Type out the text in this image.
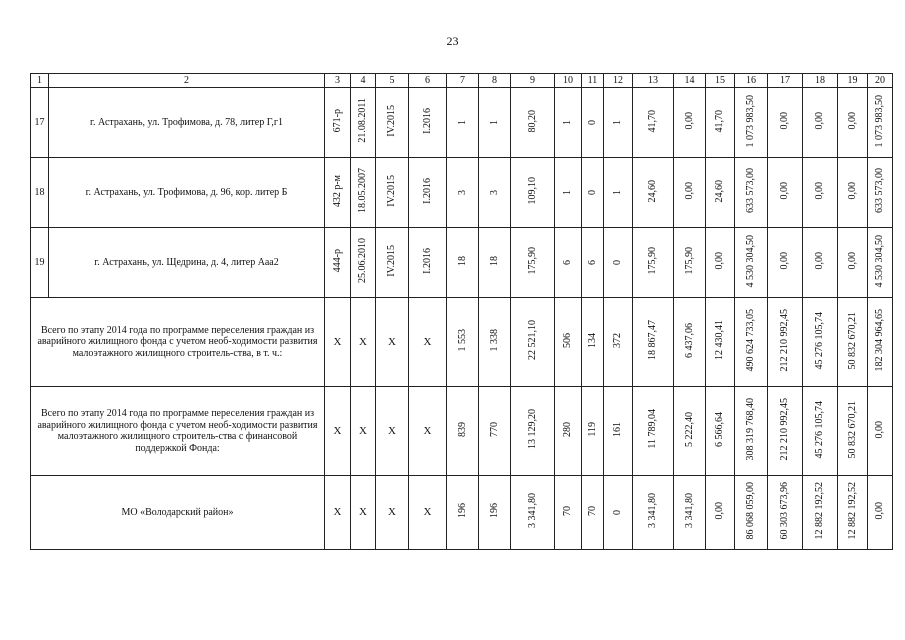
23
1	2	3	4	5	6	7	8	9	10	11	12	13	14	15	16	17	18	19	20
17	г. Астрахань, ул. Трофимова, д. 78, литер Г,г1	671-р	21.08.2011	IV.2015	I.2016	1	1	80,20	1	0	1	41,70	0,00	41,70	1 073 983,50	0,00	0,00	0,00	1 073 983,50
18	г. Астрахань, ул. Трофимова, д. 96, кор. литер Б	432 р-м	18.05.2007	IV.2015	I.2016	3	3	109,10	1	0	1	24,60	0,00	24,60	633 573,00	0,00	0,00	0,00	633 573,00
19	г. Астрахань, ул. Щедрина, д. 4, литер Ааа2	444-р	25.06.2010	IV.2015	I.2016	18	18	175,90	6	6	0	175,90	175,90	0,00	4 530 304,50	0,00	0,00	0,00	4 530 304,50
Всего по этапу 2014 года по программе переселения граждан из аварийного жилищного фонда с учетом необ-ходимости развития малоэтажного жилищного строитель-ства, в т. ч.:		Х	Х	Х	Х	1 553	1 338	22 521,10	506	134	372	18 867,47	6 437,06	12 430,41	490 624 733,05	212 210 992,45	45 276 105,74	50 832 670,21	182 304 964,65
Всего по этапу 2014 года по программе переселения граждан из аварийного жилищного фонда с учетом необ-ходимости развития малоэтажного жилищного строитель-ства с финансовой поддержкой Фонда:		Х	Х	Х	Х	839	770	13 129,20	280	119	161	11 789,04	5 222,40	6 566,64	308 319 768,40	212 210 992,45	45 276 105,74	50 832 670,21	0,00
МО «Володарский район»		Х	Х	Х	Х	196	196	3 341,80	70	70	0	3 341,80	3 341,80	0,00	86 068 059,00	60 303 673,96	12 882 192,52	12 882 192,52	0,00
